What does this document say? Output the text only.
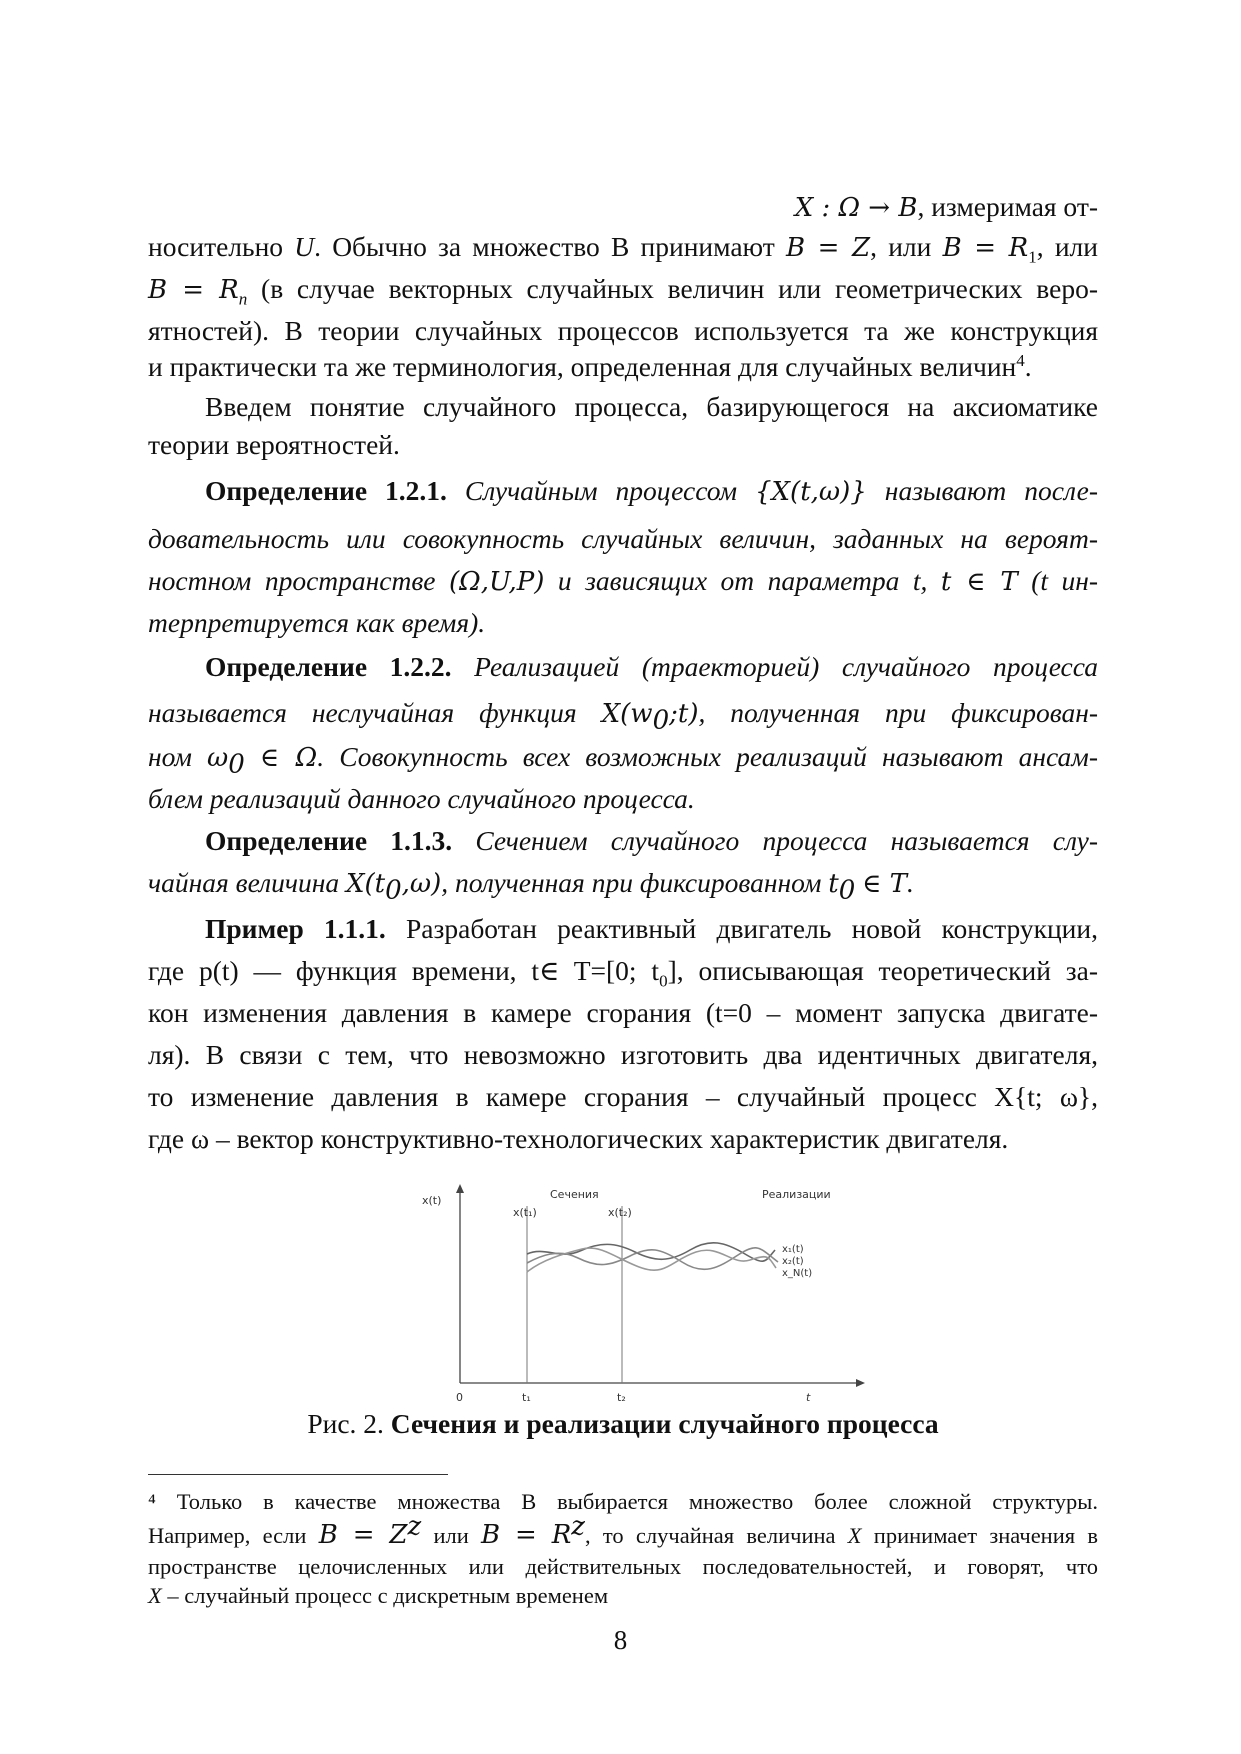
X : Ω → B, измеримая от-
носительно U. Обычно за множество B принимают B = Z, или $B = R_1$, или
$B = R_n$ (в случае векторных случайных величин или геометрических веро-
ятностей). В теории случайных процессов используется та же конструкция
и практически та же терминология, определенная для случайных величин$^4$.
Введем понятие случайного процесса, базирующегося на аксиоматике
теории вероятностей.
Определение 1.2.1. Случайным процессом {X(t,ω)} называют после-
довательность или совокупность случайных величин, заданных на вероят-
ностном пространстве (Ω,U,P) и зависящих от параметра t, t ∈ T (t ин-
терпретируется как время).
Определение 1.2.2. Реализацией (траекторией) случайного процесса
называется неслучайная функция $X(w_0;t)$, полученная при фиксирован-
ном $\omega_0$ ∈ Ω. Совокупность всех возможных реализаций называют ансам-
блем реализаций данного случайного процесса.
Определение 1.1.3. Сечением случайного процесса называется слу-
чайная величина $X(t_0,\omega)$, полученная при фиксированном $t_0$ ∈ T.
Пример 1.1.1. Разработан реактивный двигатель новой конструкции,
где p(t) — функция времени, t∈ T=[0; $t_0$], описывающая теоретический за-
кон изменения давления в камере сгорания (t=0 – момент запуска двигате-
ля). В связи с тем, что невозможно изготовить два идентичных двигателя,
то изменение давления в камере сгорания – случайный процесс X{t; ω},
где ω – вектор конструктивно-технологических характеристик двигателя.
x(t)	Сечения	Реализации
x(t₁)	x(t₂)
x₁(t)
x₂(t)
x_N(t)
0	t₁	t₂	t
Рис. 2. Сечения и реализации случайного процесса
⁴ Только в качестве множества B выбирается множество более сложной структуры.
Например, если $B = Z^z$ или $B = R^z$, то случайная величина X принимает значения в
пространстве целочисленных или действительных последовательностей, и говорят, что
X – случайный процесс с дискретным временем
8
